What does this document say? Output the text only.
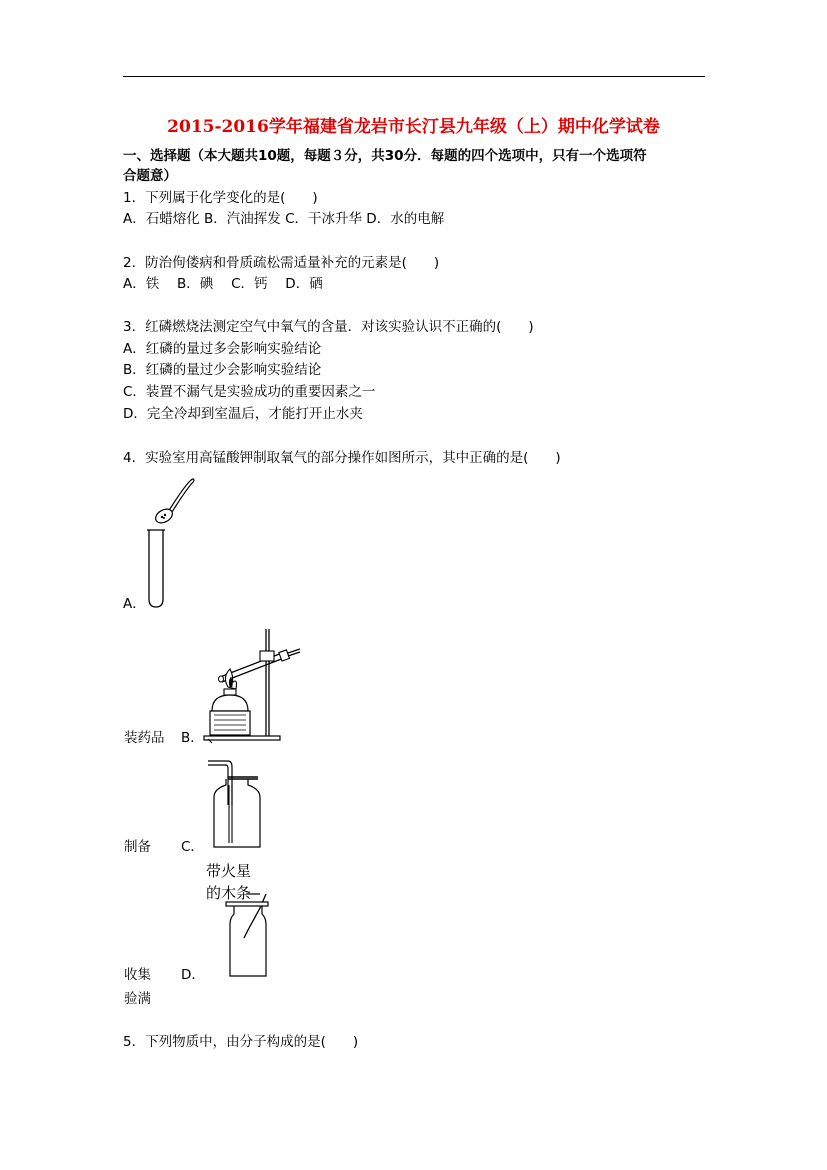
2015-2016学年福建省龙岩市长汀县九年级（上）期中化学试卷
一、选择题（本大题共10题，每题３分，共30分．每题的四个选项中，只有一个选项符
合题意）
1．下列属于化学变化的是(　　)
A．石蜡熔化 B．汽油挥发 C．干冰升华 D．水的电解
2．防治佝偻病和骨质疏松需适量补充的元素是(　　)
A．铁　 B．碘　 C．钙　 D．硒
3．红磷燃烧法测定空气中氧气的含量．对该实验认识不正确的(　　)
A．红磷的量过多会影响实验结论
B．红磷的量过少会影响实验结论
C．装置不漏气是实验成功的重要因素之一
D．完全冷却到室温后，才能打开止水夹
4．实验室用高锰酸钾制取氧气的部分操作如图所示，其中正确的是(　　)
A．
装药品 B．
制备 C．
带火星
的木条
收集 D．
验满
5．下列物质中，由分子构成的是(　　)
